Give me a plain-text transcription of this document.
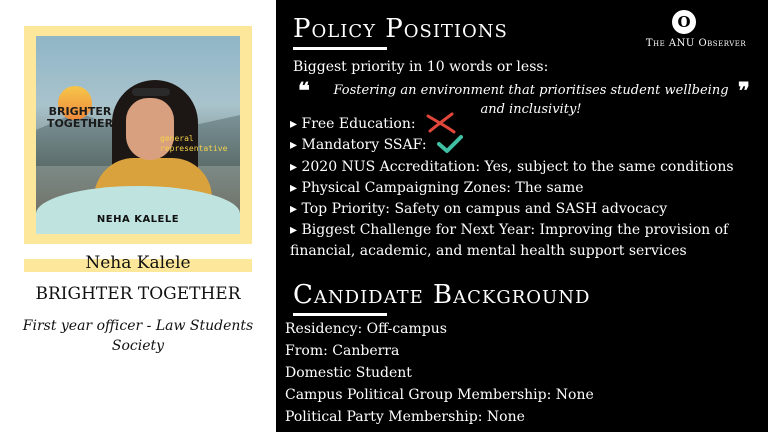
BRIGHTER TOGETHER
general representative
NEHA KALELE
Neha Kalele
BRIGHTER TOGETHER
First year officer - Law Students Society
Policy Positions	O
The ANU Observer
Biggest priority in 10 words or less:
❝	Fostering an environment that prioritises student wellbeing and inclusivity!
❞
▸ Free Education:
▸ Mandatory SSAF:
▸ 2020 NUS Accreditation: Yes, subject to the same conditions
▸ Physical Campaigning Zones: The same
▸ Top Priority: Safety on campus and SASH advocacy
▸ Biggest Challenge for Next Year: Improving the provision of financial, academic, and mental health support services
Candidate Background
Residency: Off-campus
From: Canberra
Domestic Student
Campus Political Group Membership: None
Political Party Membership: None
